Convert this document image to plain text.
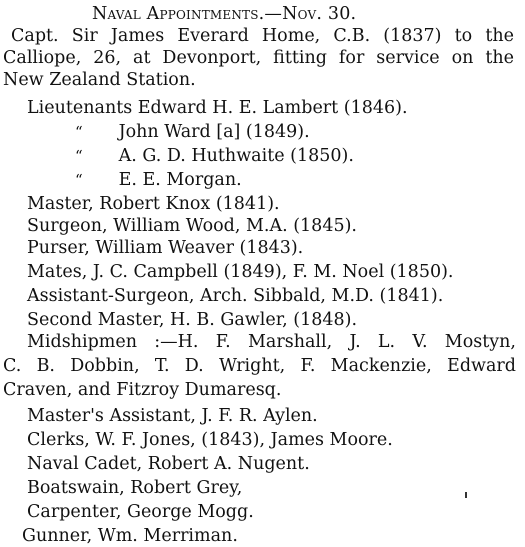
Naval Appointments.—Nov. 30.
Capt. Sir James Everard Home, C.B. (1837) to the
Calliope, 26, at Devonport, fitting for service on the
New Zealand Station.
Lieutenants Edward H. E. Lambert (1846).
“ John Ward [a] (1849).
“ A. G. D. Huthwaite (1850).
“ E. E. Morgan.
Master, Robert Knox (1841).
Surgeon, William Wood, M.A. (1845).
Purser, William Weaver (1843).
Mates, J. C. Campbell (1849), F. M. Noel (1850).
Assistant-Surgeon, Arch. Sibbald, M.D. (1841).
Second Master, H. B. Gawler, (1848).
Midshipmen :—H. F. Marshall, J. L. V. Mostyn,
C. B. Dobbin, T. D. Wright, F. Mackenzie, Edward
Craven, and Fitzroy Dumaresq.
Master's Assistant, J. F. R. Aylen.
Clerks, W. F. Jones, (1843), James Moore.
Naval Cadet, Robert A. Nugent.
Boatswain, Robert Grey,
Carpenter, George Mogg.
Gunner, Wm. Merriman.
